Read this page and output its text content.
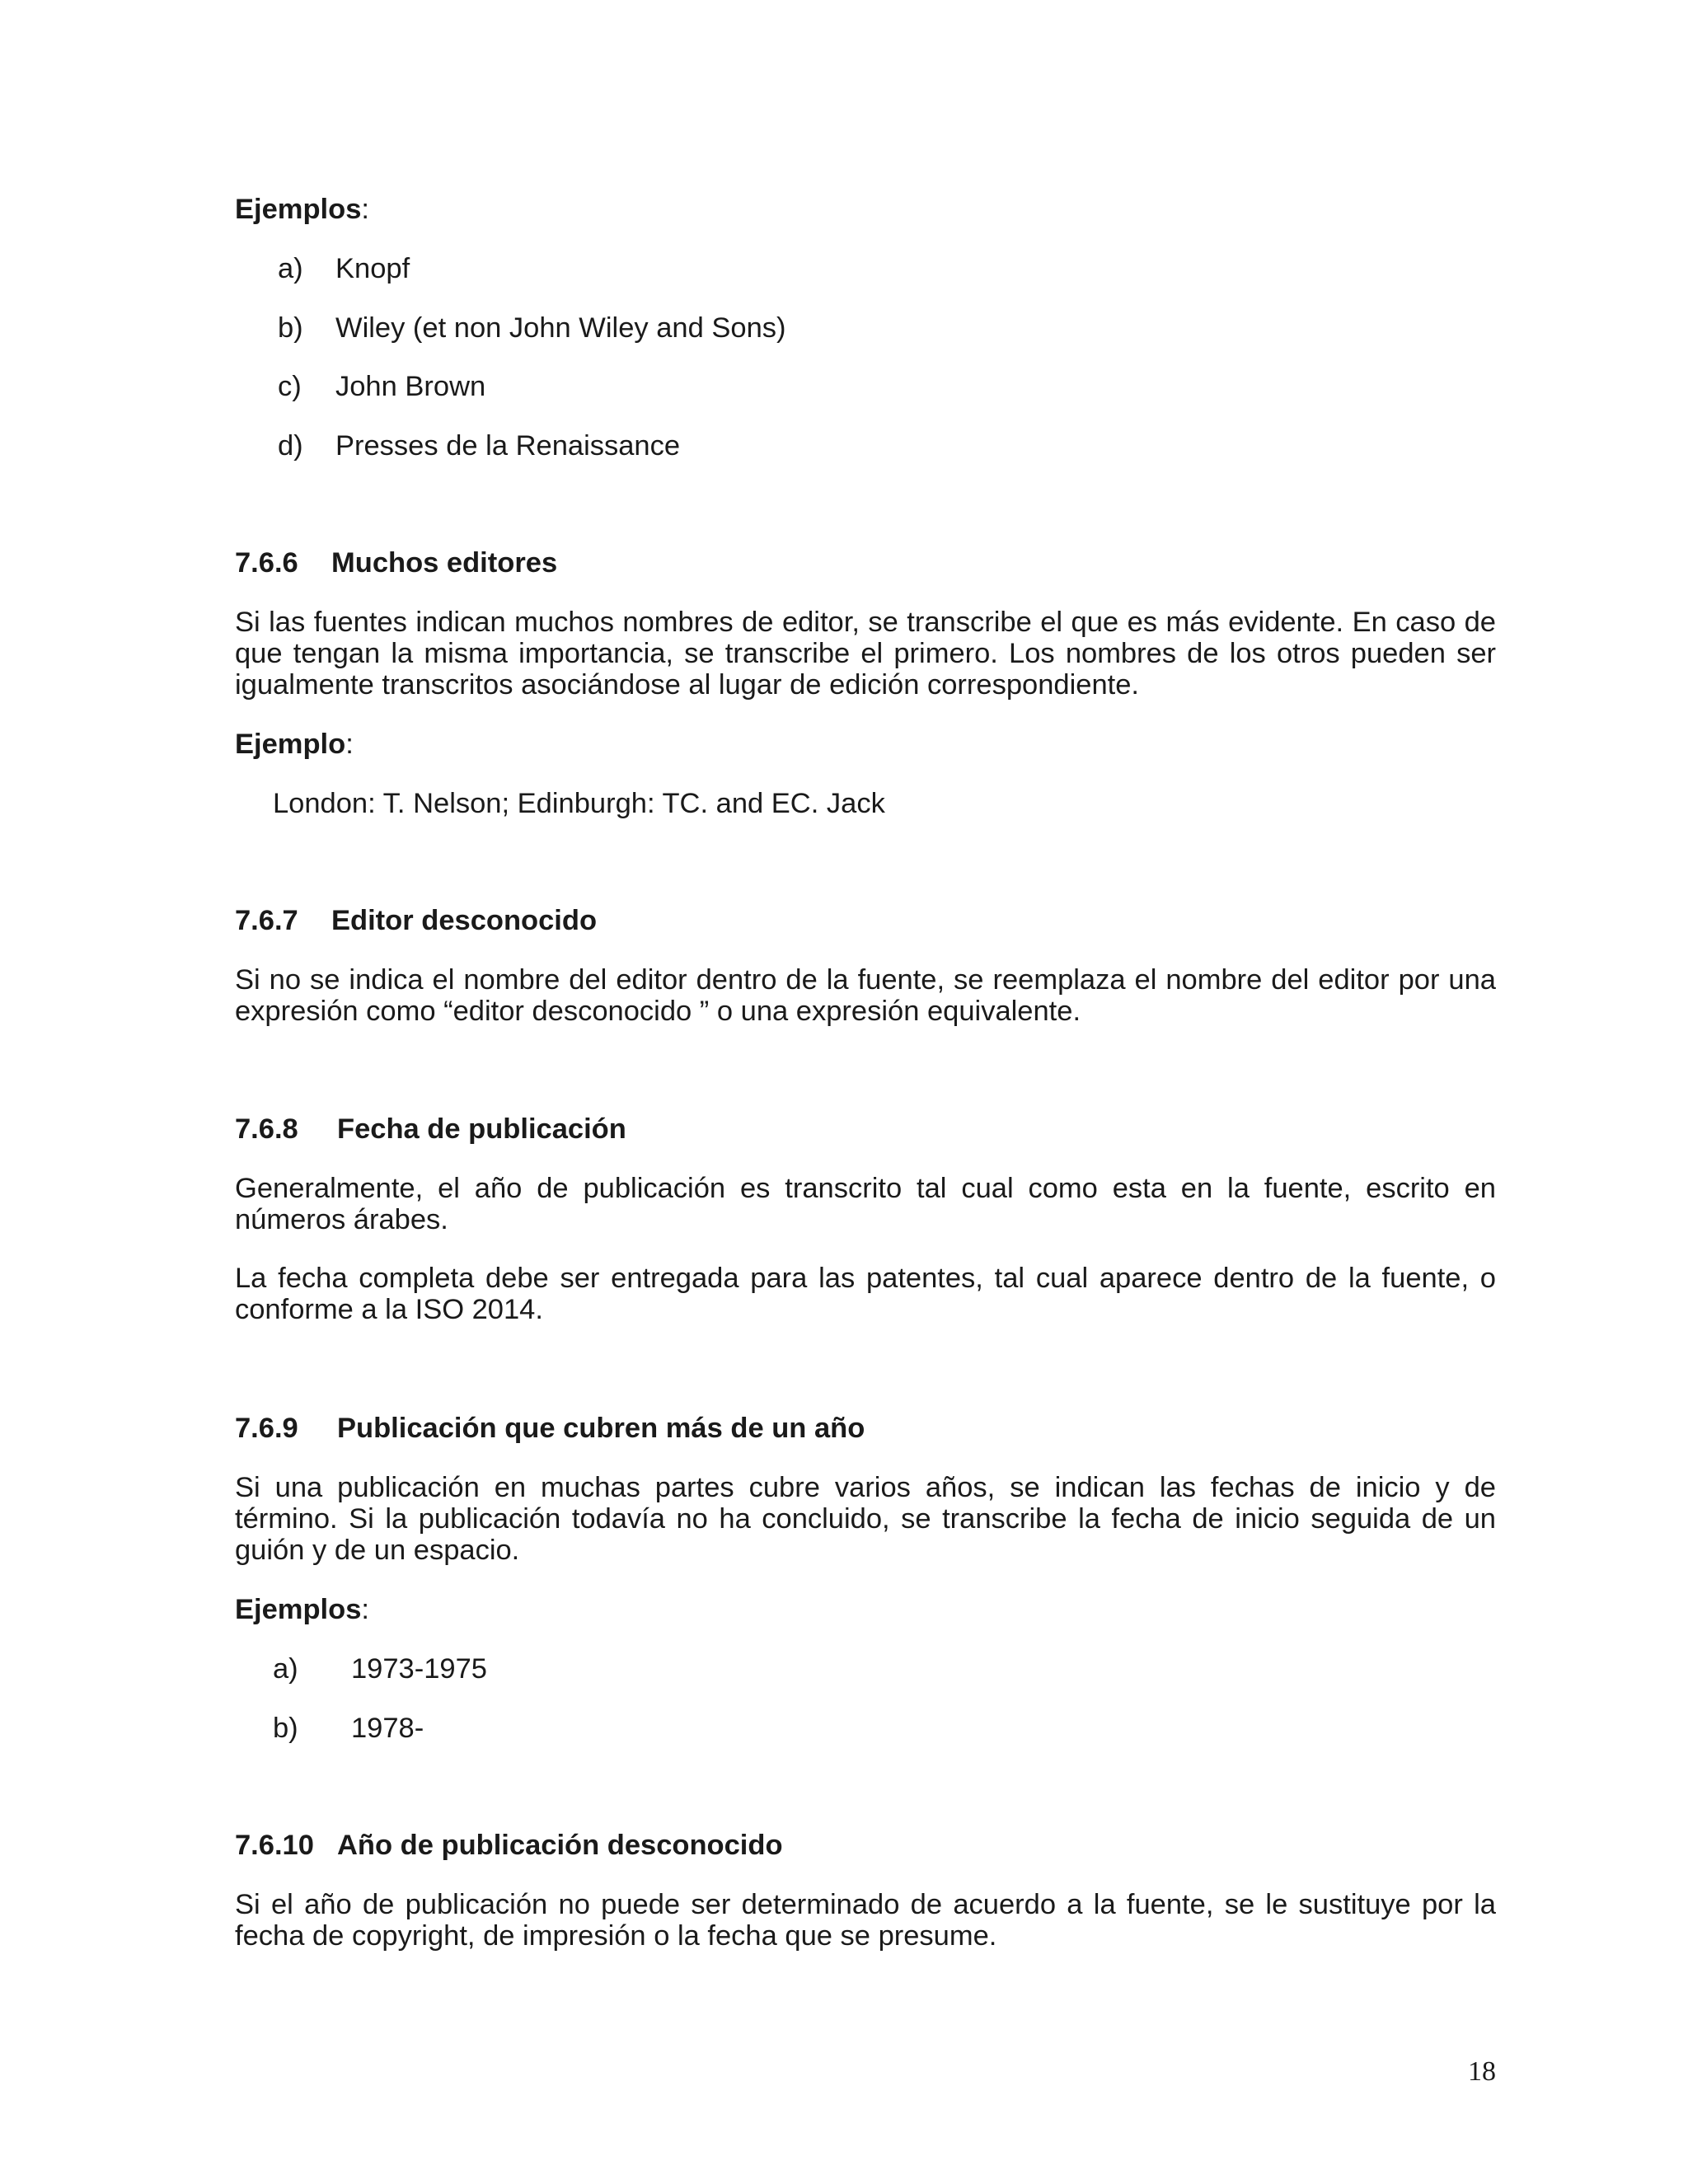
Ejemplos:
a) Knopf
b) Wiley (et non John Wiley and Sons)
c) John Brown
d) Presses de la Renaissance
7.6.6 Muchos editores
Si las fuentes indican muchos nombres de editor, se transcribe el que es más evidente. En caso de que tengan la misma importancia, se transcribe el primero. Los nombres de los otros pueden ser igualmente transcritos asociándose al lugar de edición correspondiente.
Ejemplo:
London: T. Nelson; Edinburgh: TC. and EC. Jack
7.6.7 Editor desconocido
Si no se indica el nombre del editor dentro de la fuente, se reemplaza el nombre del editor por una expresión como “editor desconocido ” o una expresión equivalente.
7.6.8 Fecha de publicación
Generalmente, el año de publicación es transcrito tal cual como esta en la fuente, escrito en números árabes.
La fecha completa debe ser entregada para las patentes, tal cual aparece dentro de la fuente, o conforme a la ISO 2014.
7.6.9 Publicación que cubren más de un año
Si una publicación en muchas partes cubre varios años, se indican las fechas de inicio y de término. Si la publicación todavía no ha concluido, se transcribe la fecha de inicio seguida de un guión y de un espacio.
Ejemplos:
a) 1973-1975
b) 1978-
7.6.10 Año de publicación desconocido
Si el año de publicación no puede ser determinado de acuerdo a la fuente, se le sustituye por la fecha de copyright, de impresión o la fecha que se presume.
18
